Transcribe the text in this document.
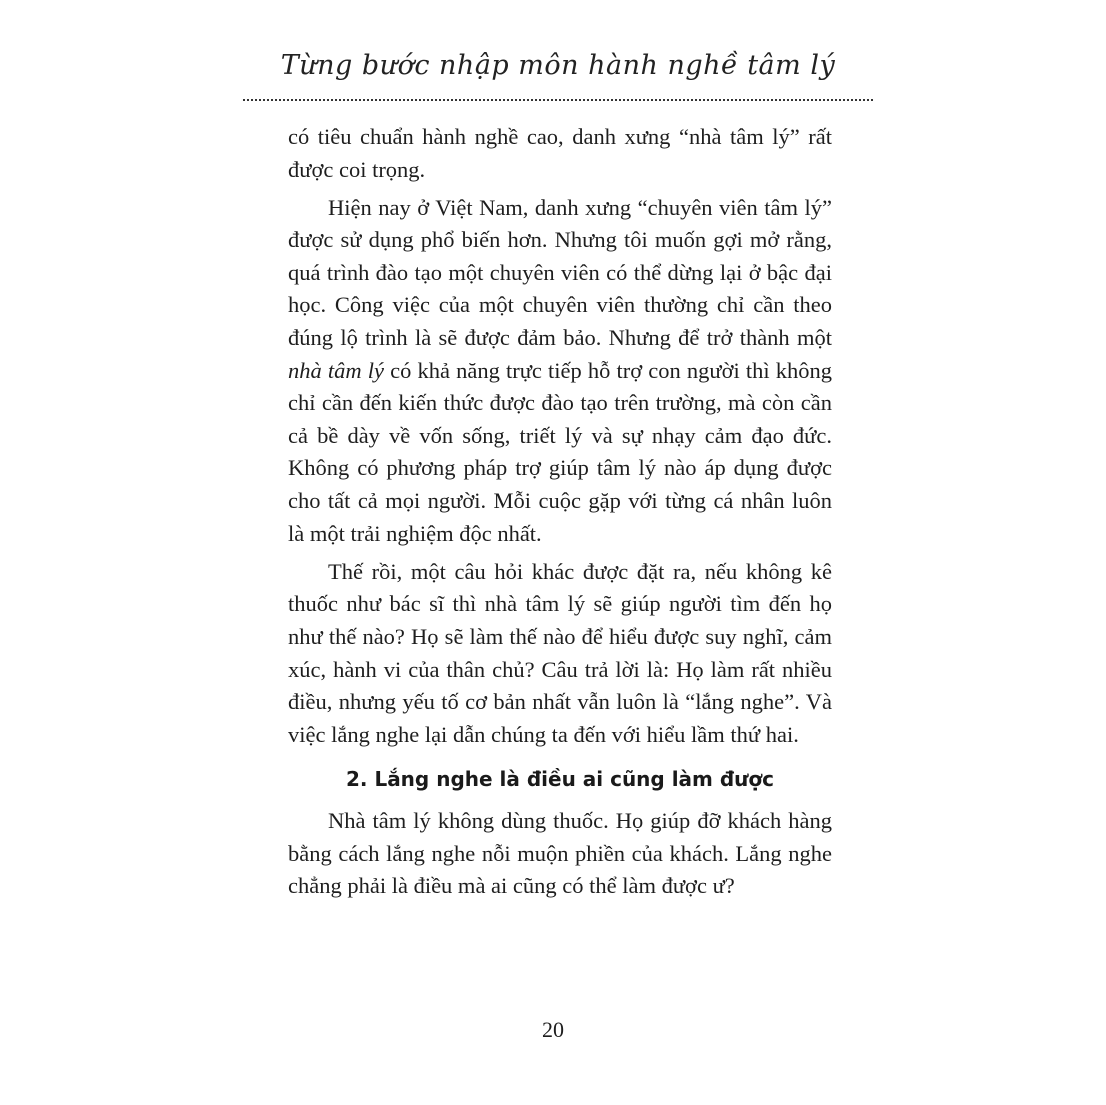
Từng bước nhập môn hành nghề tâm lý

có tiêu chuẩn hành nghề cao, danh xưng “nhà tâm lý” rất được coi trọng.

Hiện nay ở Việt Nam, danh xưng “chuyên viên tâm lý” được sử dụng phổ biến hơn. Nhưng tôi muốn gợi mở rằng, quá trình đào tạo một chuyên viên có thể dừng lại ở bậc đại học. Công việc của một chuyên viên thường chỉ cần theo đúng lộ trình là sẽ được đảm bảo. Nhưng để trở thành một nhà tâm lý có khả năng trực tiếp hỗ trợ con người thì không chỉ cần đến kiến thức được đào tạo trên trường, mà còn cần cả bề dày về vốn sống, triết lý và sự nhạy cảm đạo đức. Không có phương pháp trợ giúp tâm lý nào áp dụng được cho tất cả mọi người. Mỗi cuộc gặp với từng cá nhân luôn là một trải nghiệm độc nhất.

Thế rồi, một câu hỏi khác được đặt ra, nếu không kê thuốc như bác sĩ thì nhà tâm lý sẽ giúp người tìm đến họ như thế nào? Họ sẽ làm thế nào để hiểu được suy nghĩ, cảm xúc, hành vi của thân chủ? Câu trả lời là: Họ làm rất nhiều điều, nhưng yếu tố cơ bản nhất vẫn luôn là “lắng nghe”. Và việc lắng nghe lại dẫn chúng ta đến với hiểu lầm thứ hai.

2. Lắng nghe là điều ai cũng làm được

Nhà tâm lý không dùng thuốc. Họ giúp đỡ khách hàng bằng cách lắng nghe nỗi muộn phiền của khách. Lắng nghe chẳng phải là điều mà ai cũng có thể làm được ư?

20
